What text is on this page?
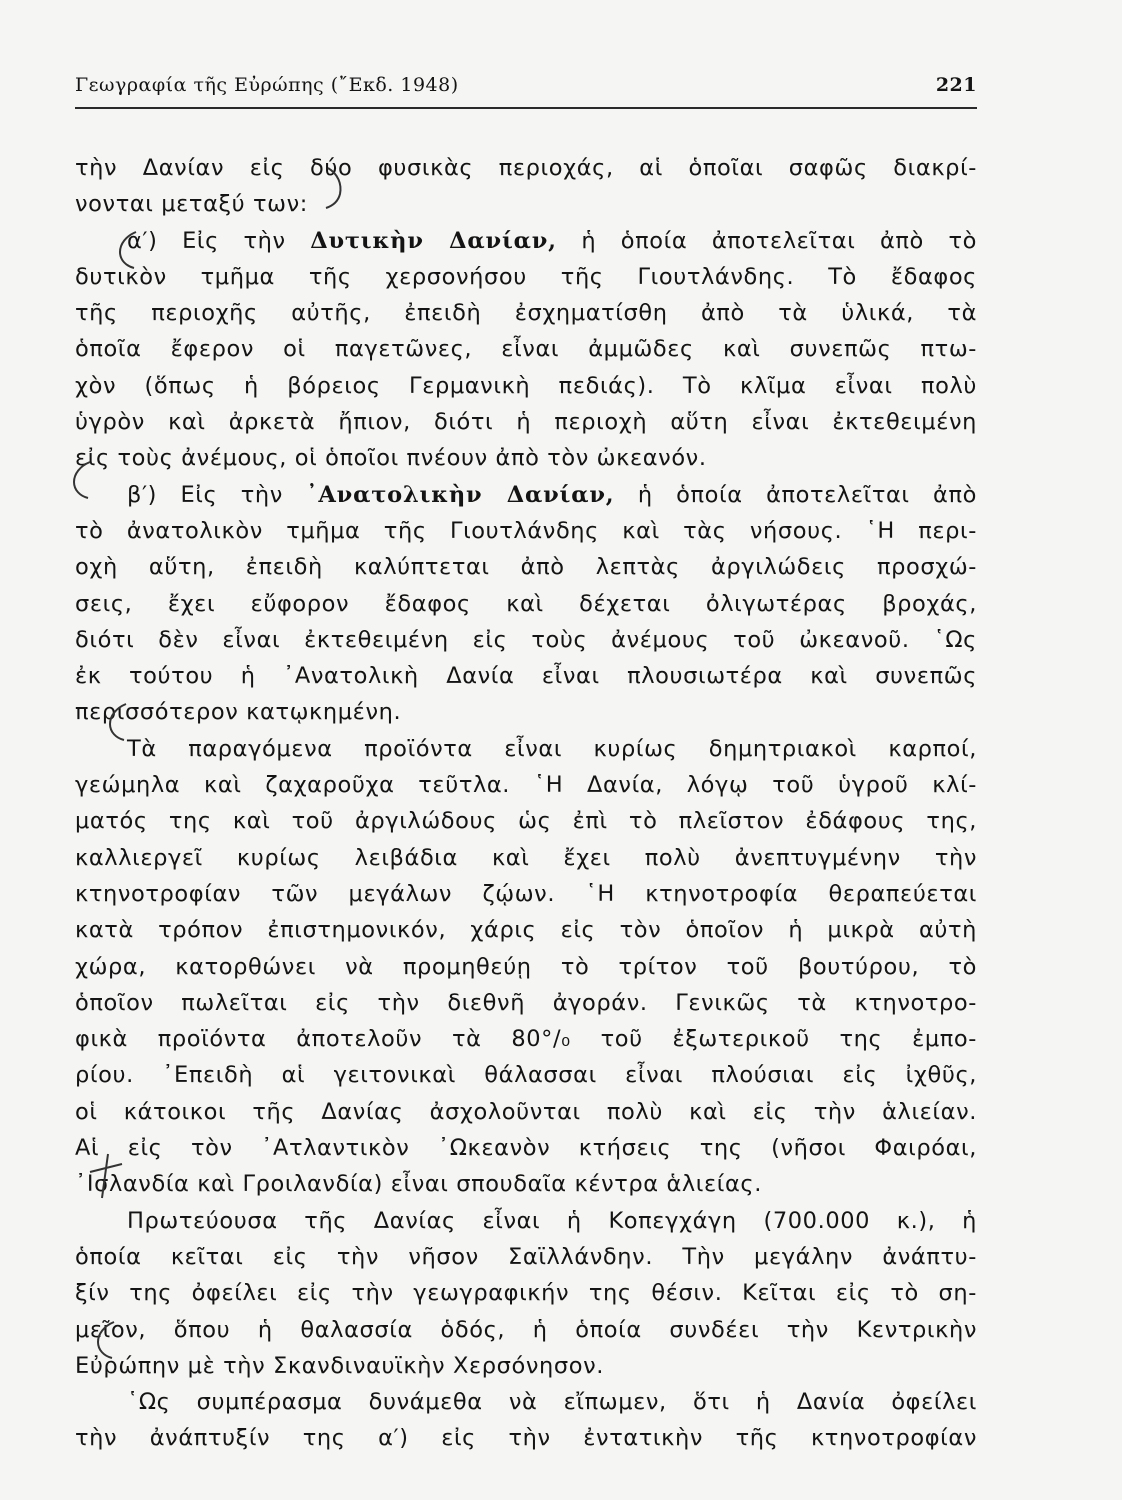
Γεωγραφία τῆς Εὐρώπης (῎Εκδ. 1948)	221
τὴν Δανίαν εἰς δύο φυσικὰς περιοχάς, αἱ ὁποῖαι σαφῶς διακρί-
νονται μεταξύ των:
α′) Εἰς τὴν Δυτικὴν Δανίαν, ἡ ὁποία ἀποτελεῖται ἀπὸ τὸ
δυτικὸν τμῆμα τῆς χερσονήσου τῆς Γιουτλάνδης. Τὸ ἔδαφος
τῆς περιοχῆς αὐτῆς, ἐπειδὴ ἐσχηματίσθη ἀπὸ τὰ ὑλικά, τὰ
ὁποῖα ἔφερον οἱ παγετῶνες, εἶναι ἀμμῶδες καὶ συνεπῶς πτω-
χὸν (ὅπως ἡ βόρειος Γερμανικὴ πεδιάς). Τὸ κλῖμα εἶναι πολὺ
ὑγρὸν καὶ ἀρκετὰ ἤπιον, διότι ἡ περιοχὴ αὕτη εἶναι ἐκτεθειμένη
εἰς τοὺς ἀνέμους, οἱ ὁποῖοι πνέουν ἀπὸ τὸν ὠκεανόν.
β′) Εἰς τὴν ᾿Ανατολικὴν Δανίαν, ἡ ὁποία ἀποτελεῖται ἀπὸ
τὸ ἀνατολικὸν τμῆμα τῆς Γιουτλάνδης καὶ τὰς νήσους. ῾Η περι-
οχὴ αὕτη, ἐπειδὴ καλύπτεται ἀπὸ λεπτὰς ἀργιλώδεις προσχώ-
σεις, ἔχει εὔφορον ἔδαφος καὶ δέχεται ὀλιγωτέρας βροχάς,
διότι δὲν εἶναι ἐκτεθειμένη εἰς τοὺς ἀνέμους τοῦ ὠκεανοῦ. ῾Ως
ἐκ τούτου ἡ ᾿Ανατολικὴ Δανία εἶναι πλουσιωτέρα καὶ συνεπῶς
περισσότερον κατῳκημένη.
Τὰ παραγόμενα προϊόντα εἶναι κυρίως δημητριακοὶ καρποί,
γεώμηλα καὶ ζαχαροῦχα τεῦτλα. ῾Η Δανία, λόγῳ τοῦ ὑγροῦ κλί-
ματός της καὶ τοῦ ἀργιλώδους ὡς ἐπὶ τὸ πλεῖστον ἐδάφους της,
καλλιεργεῖ κυρίως λειβάδια καὶ ἔχει πολὺ ἀνεπτυγμένην τὴν
κτηνοτροφίαν τῶν μεγάλων ζῴων. ῾Η κτηνοτροφία θεραπεύεται
κατὰ τρόπον ἐπιστημονικόν, χάρις εἰς τὸν ὁποῖον ἡ μικρὰ αὐτὴ
χώρα, κατορθώνει νὰ προμηθεύῃ τὸ τρίτον τοῦ βουτύρου, τὸ
ὁποῖον πωλεῖται εἰς τὴν διεθνῆ ἀγοράν. Γενικῶς τὰ κτηνοτρο-
φικὰ προϊόντα ἀποτελοῦν τὰ 80°/₀ τοῦ ἐξωτερικοῦ της ἐμπο-
ρίου. ᾿Επειδὴ αἱ γειτονικαὶ θάλασσαι εἶναι πλούσιαι εἰς ἰχθῦς,
οἱ κάτοικοι τῆς Δανίας ἀσχολοῦνται πολὺ καὶ εἰς τὴν ἁλιείαν.
Αἱ εἰς τὸν ᾿Ατλαντικὸν ᾿Ωκεανὸν κτήσεις της (νῆσοι Φαιρόαι,
᾿Ισλανδία καὶ Γροιλανδία) εἶναι σπουδαῖα κέντρα ἁλιείας.
Πρωτεύουσα τῆς Δανίας εἶναι ἡ Κοπεγχάγη (700.000 κ.), ἡ
ὁποία κεῖται εἰς τὴν νῆσον Σαϊλλάνδην. Τὴν μεγάλην ἀνάπτυ-
ξίν της ὀφείλει εἰς τὴν γεωγραφικήν της θέσιν. Κεῖται εἰς τὸ ση-
μεῖον, ὅπου ἡ θαλασσία ὁδός, ἡ ὁποία συνδέει τὴν Κεντρικὴν
Εὐρώπην μὲ τὴν Σκανδιναυϊκὴν Χερσόνησον.
῾Ως συμπέρασμα δυνάμεθα νὰ εἴπωμεν, ὅτι ἡ Δανία ὀφείλει
τὴν ἀνάπτυξίν της α′) εἰς τὴν ἐντατικὴν τῆς κτηνοτροφίαν
